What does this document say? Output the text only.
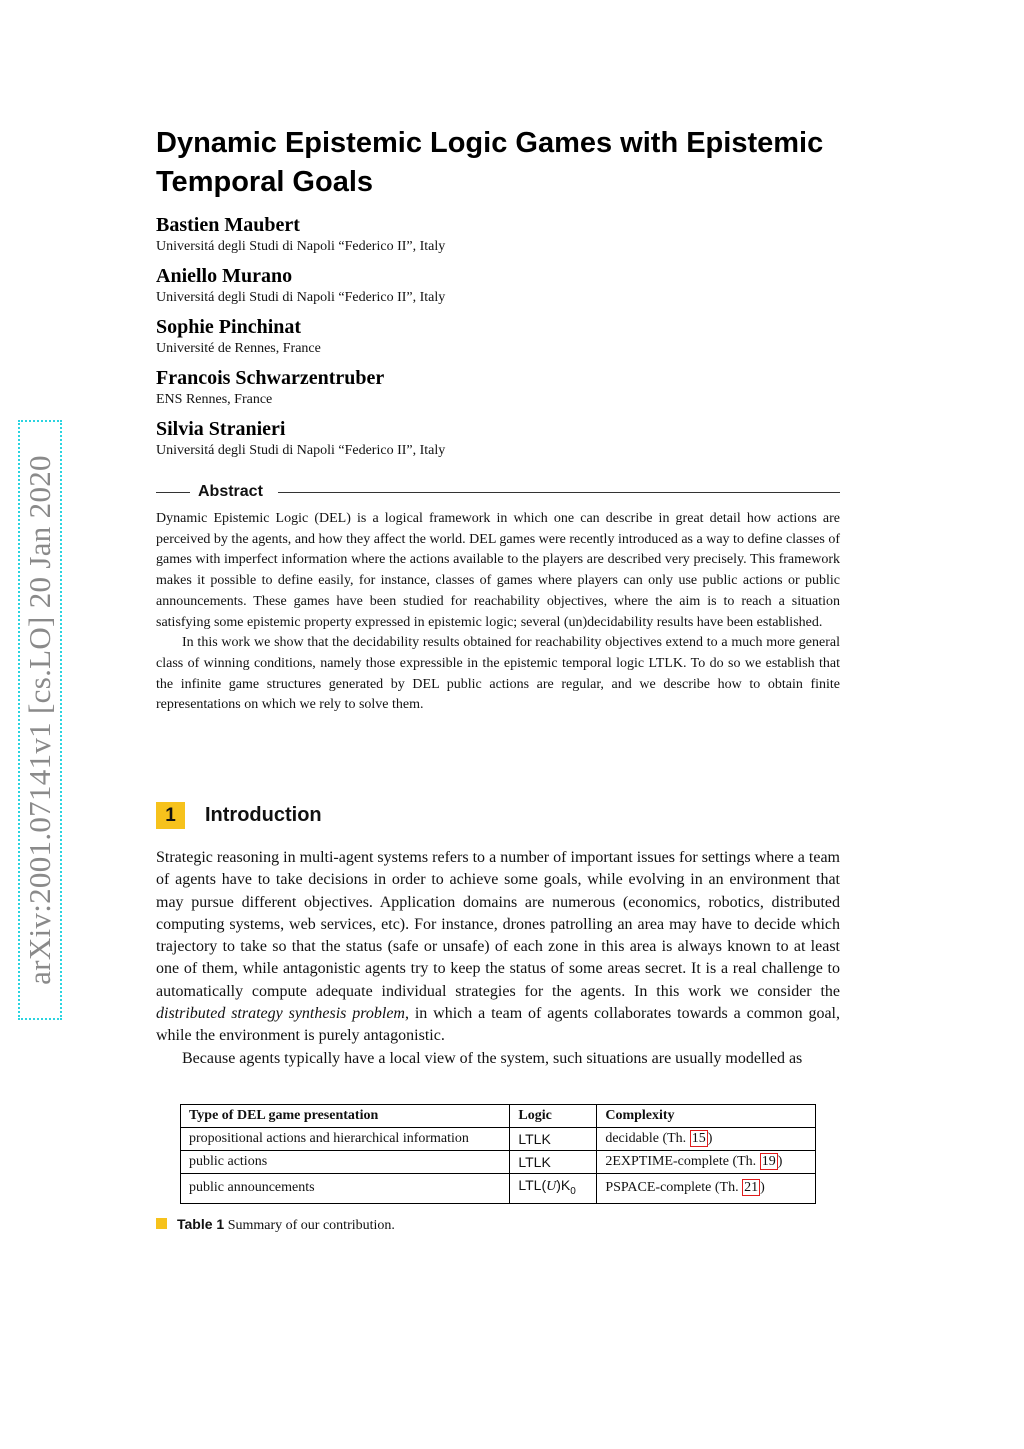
arXiv:2001.07141v1 [cs.LO] 20 Jan 2020
Dynamic Epistemic Logic Games with Epistemic Temporal Goals
Bastien Maubert
Universitá degli Studi di Napoli “Federico II”, Italy
Aniello Murano
Universitá degli Studi di Napoli “Federico II”, Italy
Sophie Pinchinat
Université de Rennes, France
Francois Schwarzentruber
ENS Rennes, France
Silvia Stranieri
Universitá degli Studi di Napoli “Federico II”, Italy
Abstract

Dynamic Epistemic Logic (DEL) is a logical framework in which one can describe in great detail how actions are perceived by the agents, and how they affect the world. DEL games were recently introduced as a way to define classes of games with imperfect information where the actions available to the players are described very precisely. This framework makes it possible to define easily, for instance, classes of games where players can only use public actions or public announcements. These games have been studied for reachability objectives, where the aim is to reach a situation satisfying some epistemic property expressed in epistemic logic; several (un)decidability results have been established.

In this work we show that the decidability results obtained for reachability objectives extend to a much more general class of winning conditions, namely those expressible in the epistemic temporal logic LTLK. To do so we establish that the infinite game structures generated by DEL public actions are regular, and we describe how to obtain finite representations on which we rely to solve them.

1	Introduction

Strategic reasoning in multi-agent systems refers to a number of important issues for settings where a team of agents have to take decisions in order to achieve some goals, while evolving in an environment that may pursue different objectives. Application domains are numerous (economics, robotics, distributed computing systems, web services, etc). For instance, drones patrolling an area may have to decide which trajectory to take so that the status (safe or unsafe) of each zone in this area is always known to at least one of them, while antagonistic agents try to keep the status of some areas secret. It is a real challenge to automatically compute adequate individual strategies for the agents. In this work we consider the distributed strategy synthesis problem, in which a team of agents collaborates towards a common goal, while the environment is purely antagonistic.

Because agents typically have a local view of the system, such situations are usually modelled as

Type of DEL game presentation	Logic	Complexity
propositional actions and hierarchical information	LTLK	decidable (Th. 15 )
public actions	LTLK	2EXPTIME-complete (Th. 19 )
public announcements	$LTL(U)K_0$	PSPACE-complete (Th. 21 )
Table 1 Summary of our contribution.
